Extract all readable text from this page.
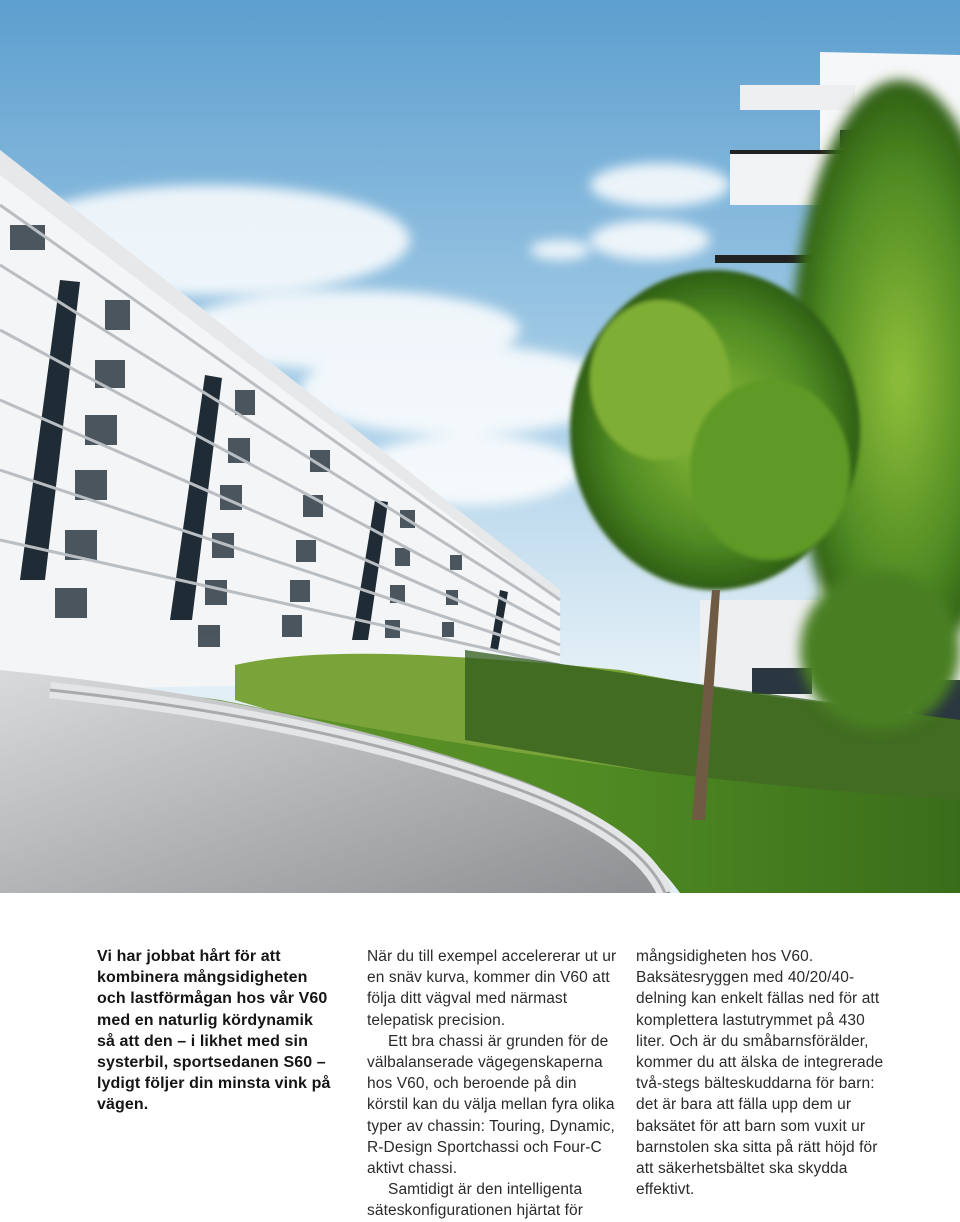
Vi har jobbat hårt för att kombinera mångsidigheten och lastförmågan hos vår V60 med en naturlig kördynamik så att den – i likhet med sin systerbil, sportsedanen S60 – lydigt följer din minsta vink på vägen.

När du till exempel accelererar ut ur en snäv kurva, kommer din V60 att följa ditt vägval med närmast telepatisk precision.

Ett bra chassi är grunden för de välbalanserade vägegenskaperna hos V60, och beroende på din körstil kan du välja mellan fyra olika typer av chassin: Touring, Dynamic, R-Design Sportchassi och Four-C aktivt chassi.

Samtidigt är den intelligenta säteskonfigurationen hjärtat för

mångsidigheten hos V60. Baksätesryggen med 40/20/40-delning kan enkelt fällas ned för att komplettera lastutrymmet på 430 liter. Och är du småbarnsförälder, kommer du att älska de integrerade två-stegs bälteskuddarna för barn: det är bara att fälla upp dem ur baksätet för att barn som vuxit ur barnstolen ska sitta på rätt höjd för att säkerhetsbältet ska skydda effektivt.
